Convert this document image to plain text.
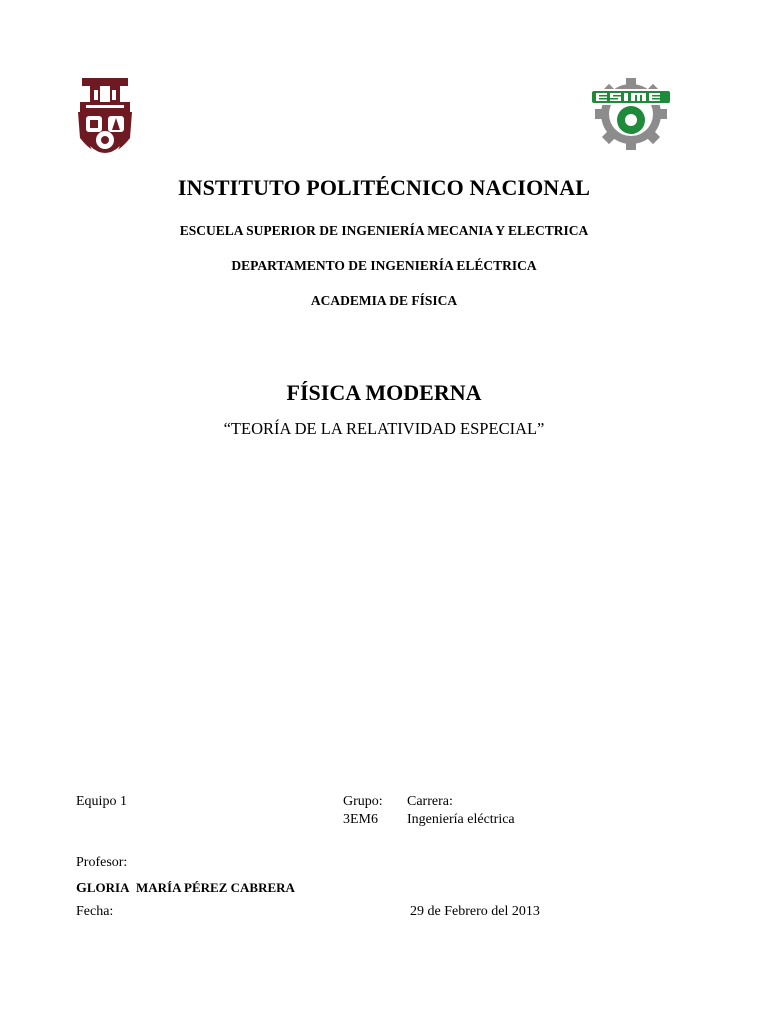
INSTITUTO POLITÉCNICO NACIONAL
ESCUELA SUPERIOR DE INGENIERÍA MECANIA Y ELECTRICA
DEPARTAMENTO DE INGENIERÍA ELÉCTRICA
ACADEMIA DE FÍSICA
FÍSICA MODERNA
“TEORÍA DE LA RELATIVIDAD ESPECIAL”
Equipo 1	Grupo:
3EM6
Carrera:
Ingeniería eléctrica
Profesor:
GLORIA MARÍA PÉREZ CABRERA
Fecha:	29 de Febrero del 2013
